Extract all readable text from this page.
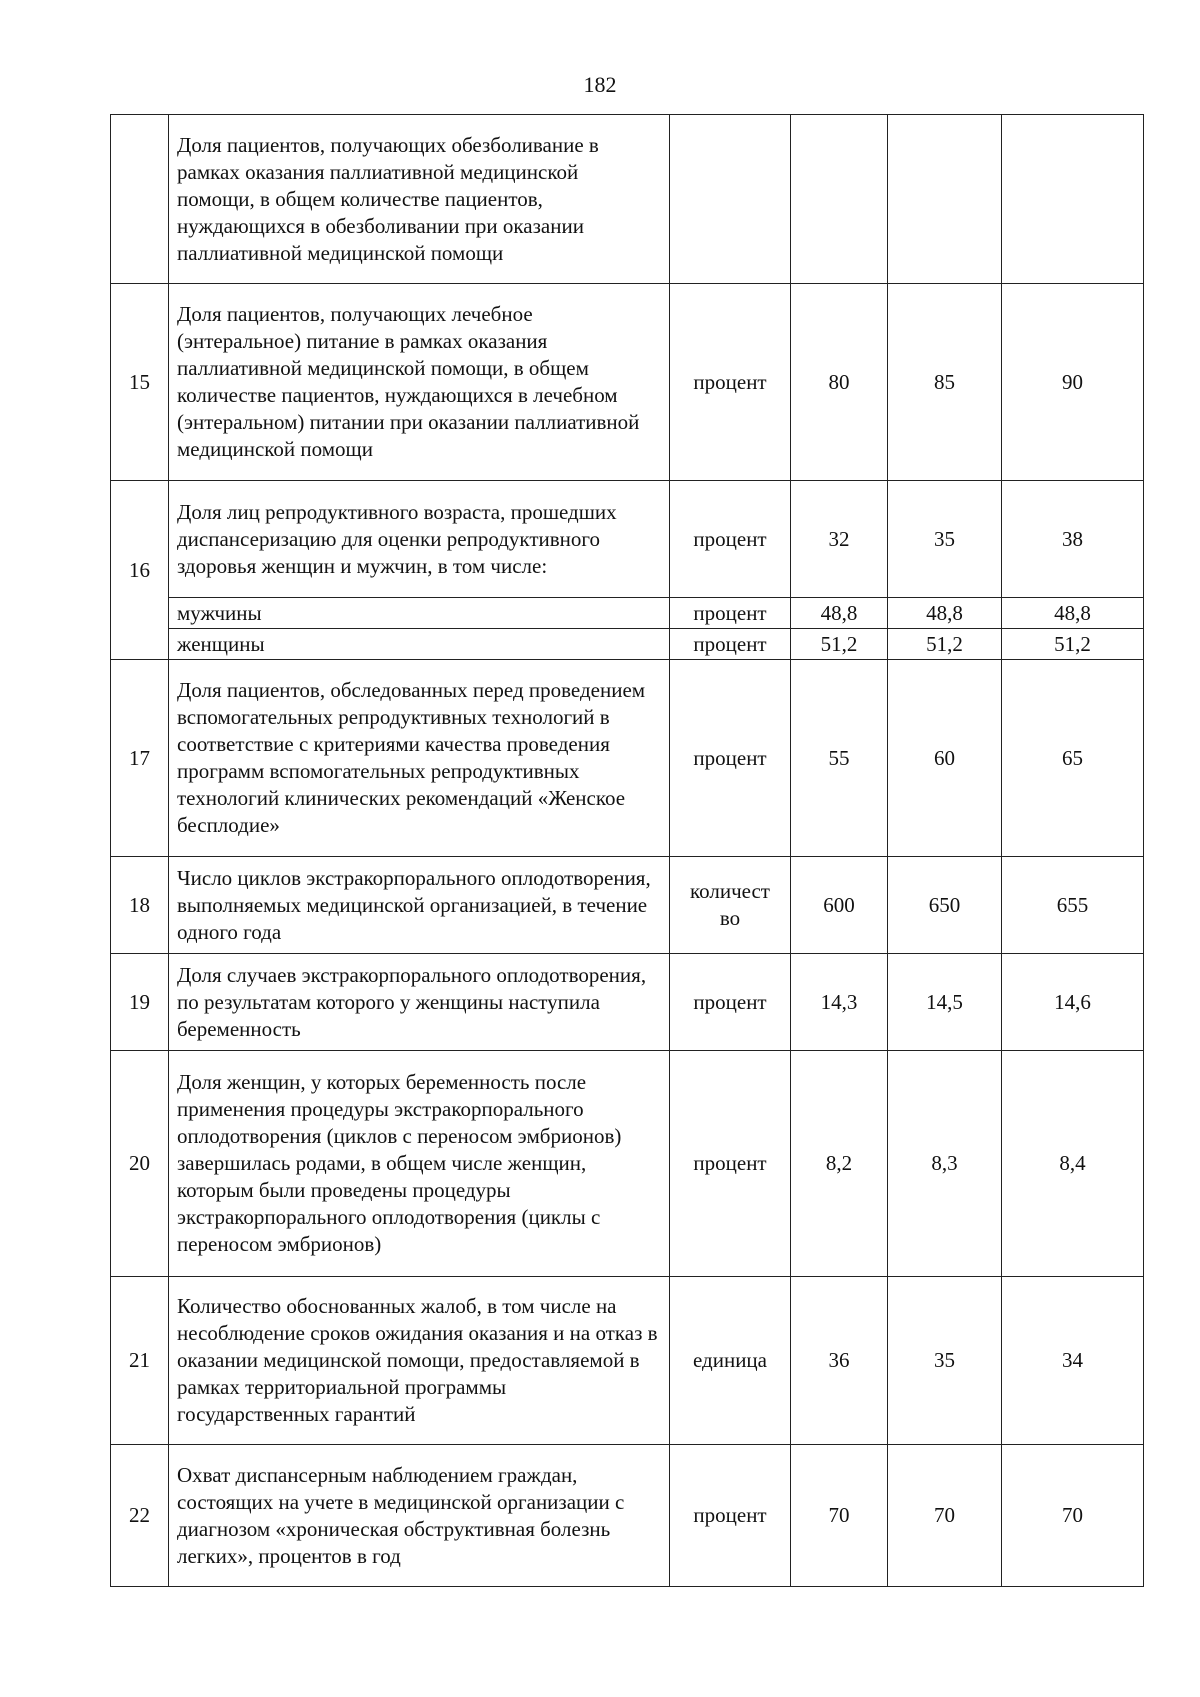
182
	Доля пациентов, получающих обезболивание в рамках оказания паллиативной медицинской помощи, в общем количестве пациентов, нуждающихся в обезболивании при оказании паллиативной медицинской помощи				
15	Доля пациентов, получающих лечебное (энтеральное) питание в рамках оказания паллиативной медицинской помощи, в общем количестве пациентов, нуждающихся в лечебном (энтеральном) питании при оказании паллиативной медицинской помощи	процент	80	85	90
16	Доля лиц репродуктивного возраста, прошедших диспансеризацию для оценки репродуктивного здоровья женщин и мужчин, в том числе:	процент	32	35	38
	мужчины	процент	48,8	48,8	48,8
	женщины	процент	51,2	51,2	51,2
17	Доля пациентов, обследованных перед проведением вспомогательных репродуктивных технологий в соответствие с критериями качества проведения программ вспомогательных репродуктивных технологий клинических рекомендаций «Женское бесплодие»	процент	55	60	65
18	Число циклов экстракорпорального оплодотворения, выполняемых медицинской организацией, в течение одного года	количест во	600	650	655
19	Доля случаев экстракорпорального оплодотворения, по результатам которого у женщины наступила беременность	процент	14,3	14,5	14,6
20	Доля женщин, у которых беременность после применения процедуры экстракорпорального оплодотворения (циклов с переносом эмбрионов) завершилась родами, в общем числе женщин, которым были проведены процедуры экстракорпорального оплодотворения (циклы с переносом эмбрионов)	процент	8,2	8,3	8,4
21	Количество обоснованных жалоб, в том числе на несоблюдение сроков ожидания оказания и на отказ в оказании медицинской помощи, предоставляемой в рамках территориальной программы государственных гарантий	единица	36	35	34
22	Охват диспансерным наблюдением граждан, состоящих на учете в медицинской организации с диагнозом «хроническая обструктивная болезнь легких», процентов в год	процент	70	70	70
